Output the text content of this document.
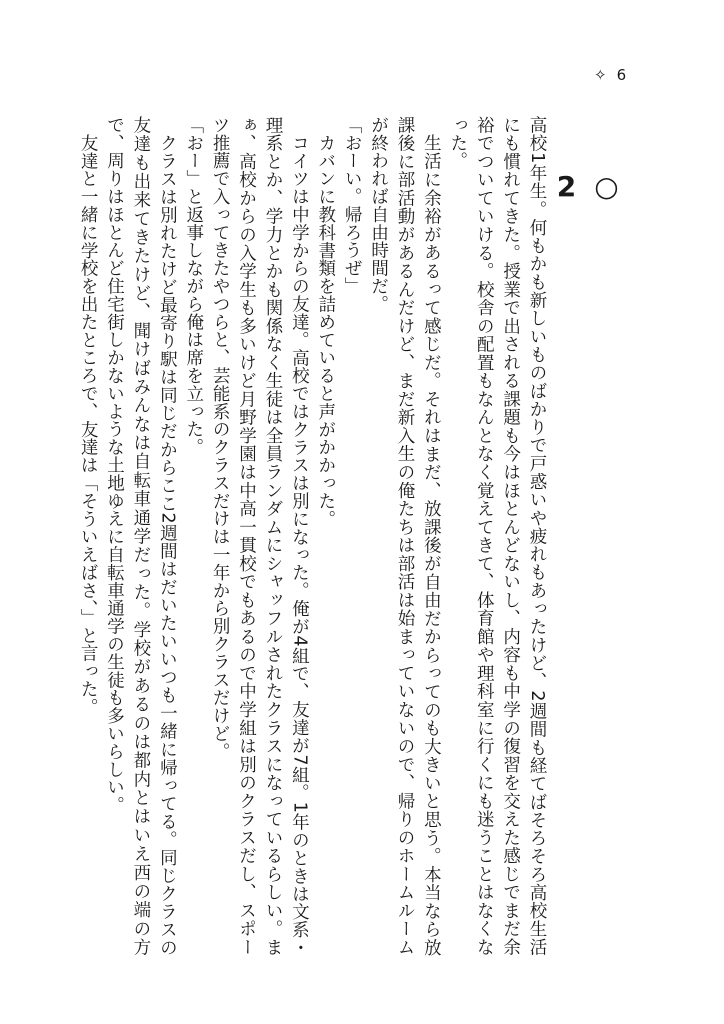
✧ 6
○
2

高校1年生。何もかも新しいものばかりで戸惑いや疲れもあったけど、2週間も経てばそろそろ高校生活にも慣れてきた。授業で出される課題も今はほとんどないし、内容も中学の復習を交えた感じでまだ余裕でついていける。校舎の配置もなんとなく覚えてきて、体育館や理科室に行くにも迷うことはなくなった。

生活に余裕があるって感じだ。それはまだ、放課後が自由だからってのも大きいと思う。本当なら放課後に部活動があるんだけど、まだ新入生の俺たちは部活は始まっていないので、帰りのホームルームが終われば自由時間だ。

「おーい。帰ろうぜ」

カバンに教科書類を詰めていると声がかかった。

コイツは中学からの友達。高校ではクラスは別になった。俺が4組で、友達が7組。1年のときは文系・理系とか、学力とかも関係なく生徒は全員ランダムにシャッフルされたクラスになっているらしい。まぁ、高校からの入学生も多いけど月野学園は中高一貫校でもあるので中学組は別のクラスだし、スポーツ推薦で入ってきたやつらと、芸能系のクラスだけは一年から別クラスだけど。

「おー」と返事しながら俺は席を立った。

クラスは別れたけど最寄り駅は同じだからここ2週間はだいたいいつも一緒に帰ってる。同じクラスの友達も出来てきたけど、聞けばみんなは自転車通学だった。学校があるのは都内とはいえ西の端の方で、周りはほとんど住宅街しかないような土地ゆえに自転車通学の生徒も多いらしい。

友達と一緒に学校を出たところで、友達は「そういえばさ、」と言った。
